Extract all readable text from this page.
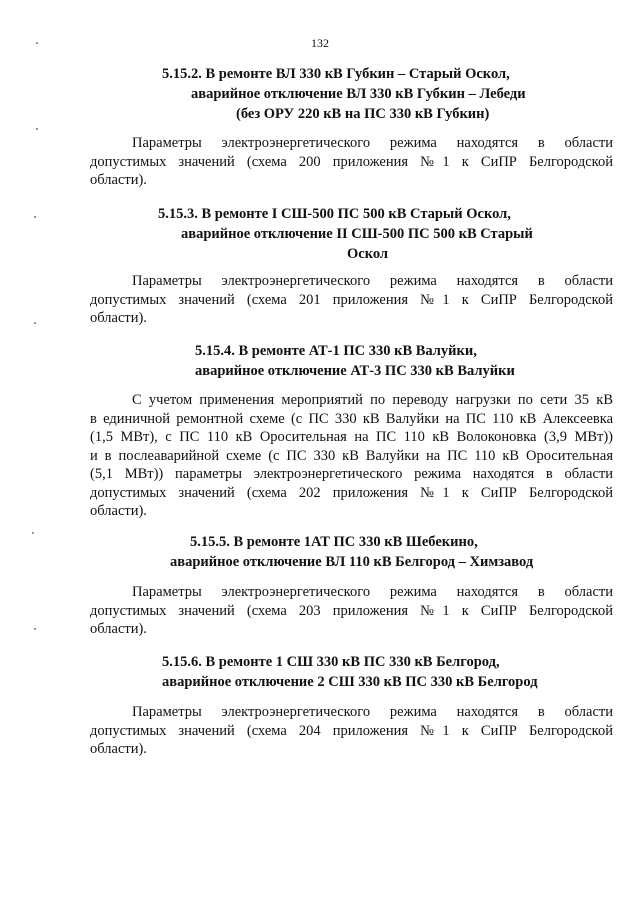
132
5.15.2. В ремонте ВЛ 330 кВ Губкин – Старый Оскол,
аварийное отключение ВЛ 330 кВ Губкин – Лебеди
(без ОРУ 220 кВ на ПС 330 кВ Губкин)
Параметры электроэнергетического режима находятся в области
допустимых значений (схема 200 приложения №1 к СиПР Белгородской
области).
5.15.3. В ремонте I СШ-500 ПС 500 кВ Старый Оскол,
аварийное отключение II СШ-500 ПС 500 кВ Старый
Оскол
Параметры электроэнергетического режима находятся в области
допустимых значений (схема 201 приложения №1 к СиПР Белгородской
области).
5.15.4. В ремонте АТ-1 ПС 330 кВ Валуйки,
аварийное отключение АТ-3 ПС 330 кВ Валуйки
С учетом применения мероприятий по переводу нагрузки по сети 35 кВ
в единичной ремонтной схеме (с ПС 330 кВ Валуйки на ПС 110 кВ Алексеевка
(1,5 МВт), с ПС 110 кВ Оросительная на ПС 110 кВ Волоконовка (3,9 МВт))
и в послеаварийной схеме (с ПС 330 кВ Валуйки на ПС 110 кВ Оросительная
(5,1 МВт)) параметры электроэнергетического режима находятся в области
допустимых значений (схема 202 приложения №1 к СиПР Белгородской
области).
5.15.5. В ремонте 1АТ ПС 330 кВ Шебекино,
аварийное отключение ВЛ 110 кВ Белгород – Химзавод
Параметры электроэнергетического режима находятся в области
допустимых значений (схема 203 приложения №1 к СиПР Белгородской
области).
5.15.6. В ремонте 1 СШ 330 кВ ПС 330 кВ Белгород,
аварийное отключение 2 СШ 330 кВ ПС 330 кВ Белгород
Параметры электроэнергетического режима находятся в области
допустимых значений (схема 204 приложения №1 к СиПР Белгородской
области).
